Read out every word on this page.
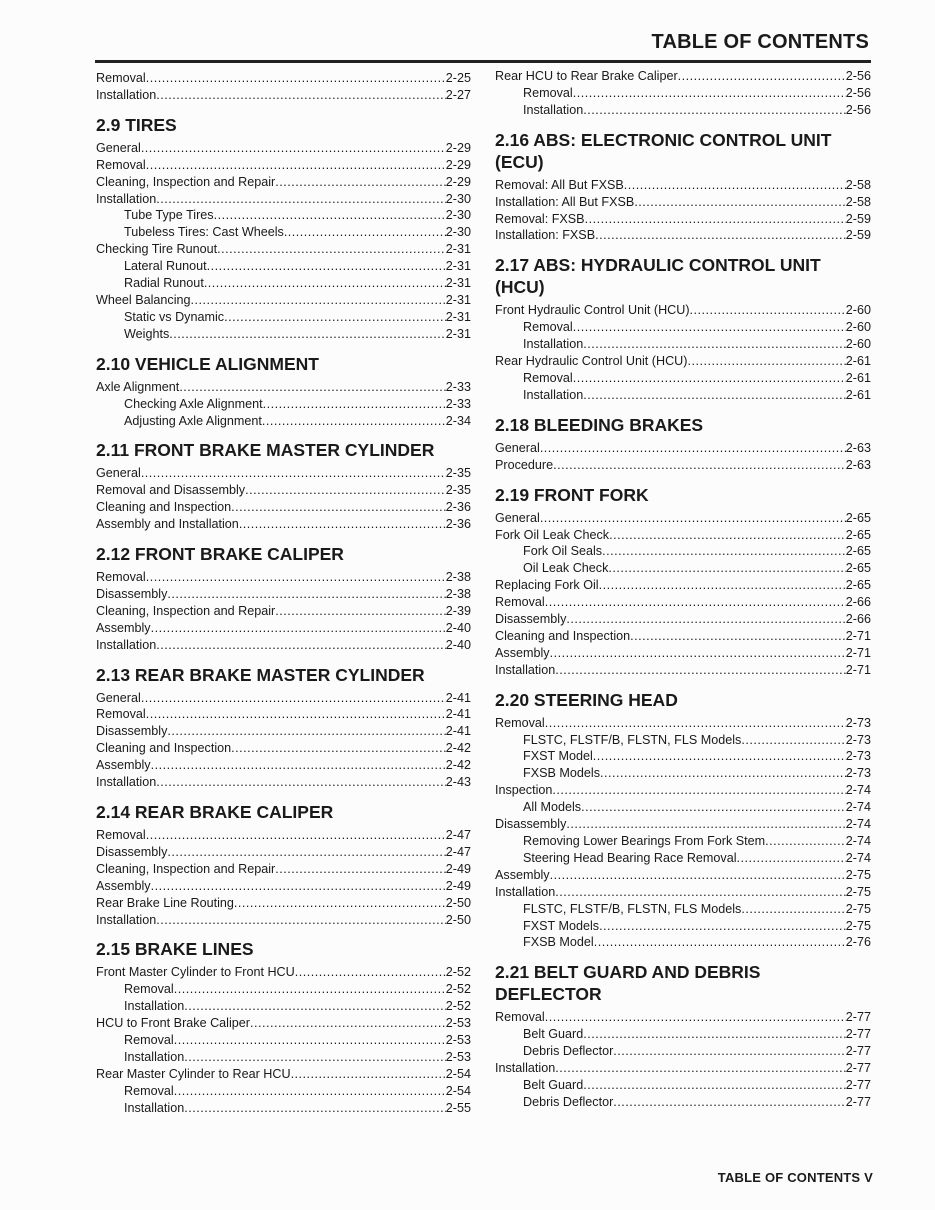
TABLE OF CONTENTS
Removal .....	2-25
Installation .....	2-27
2.9 TIRES
General .....	2-29
Removal .....	2-29
Cleaning, Inspection and Repair .....	2-29
Installation .....	2-30
Tube Type Tires .....	2-30
Tubeless Tires: Cast Wheels .....	2-30
Checking Tire Runout .....	2-31
Lateral Runout .....	2-31
Radial Runout .....	2-31
Wheel Balancing .....	2-31
Static vs Dynamic .....	2-31
Weights .....	2-31
2.10 VEHICLE ALIGNMENT
Axle Alignment .....	2-33
Checking Axle Alignment .....	2-33
Adjusting Axle Alignment .....	2-34
2.11 FRONT BRAKE MASTER CYLINDER
General .....	2-35
Removal and Disassembly .....	2-35
Cleaning and Inspection .....	2-36
Assembly and Installation .....	2-36
2.12 FRONT BRAKE CALIPER
Removal .....	2-38
Disassembly .....	2-38
Cleaning, Inspection and Repair .....	2-39
Assembly .....	2-40
Installation .....	2-40
2.13 REAR BRAKE MASTER CYLINDER
General .....	2-41
Removal .....	2-41
Disassembly .....	2-41
Cleaning and Inspection .....	2-42
Assembly .....	2-42
Installation .....	2-43
2.14 REAR BRAKE CALIPER
Removal .....	2-47
Disassembly .....	2-47
Cleaning, Inspection and Repair .....	2-49
Assembly .....	2-49
Rear Brake Line Routing .....	2-50
Installation .....	2-50
2.15 BRAKE LINES
Front Master Cylinder to Front HCU .....	2-52
Removal .....	2-52
Installation .....	2-52
HCU to Front Brake Caliper .....	2-53
Removal .....	2-53
Installation .....	2-53
Rear Master Cylinder to Rear HCU .....	2-54
Removal .....	2-54
Installation .....	2-55
Rear HCU to Rear Brake Caliper .....	2-56
Removal .....	2-56
Installation .....	2-56
2.16 ABS: ELECTRONIC CONTROL UNIT (ECU)
Removal: All But FXSB .....	2-58
Installation: All But FXSB .....	2-58
Removal: FXSB .....	2-59
Installation: FXSB .....	2-59
2.17 ABS: HYDRAULIC CONTROL UNIT (HCU)
Front Hydraulic Control Unit (HCU) .....	2-60
Removal .....	2-60
Installation .....	2-60
Rear Hydraulic Control Unit (HCU) .....	2-61
Removal .....	2-61
Installation .....	2-61
2.18 BLEEDING BRAKES
General .....	2-63
Procedure .....	2-63
2.19 FRONT FORK
General .....	2-65
Fork Oil Leak Check .....	2-65
Fork Oil Seals .....	2-65
Oil Leak Check .....	2-65
Replacing Fork Oil .....	2-65
Removal .....	2-66
Disassembly .....	2-66
Cleaning and Inspection .....	2-71
Assembly .....	2-71
Installation .....	2-71
2.20 STEERING HEAD
Removal .....	2-73
FLSTC, FLSTF/B, FLSTN, FLS Models .....	2-73
FXST Model .....	2-73
FXSB Models .....	2-73
Inspection .....	2-74
All Models .....	2-74
Disassembly .....	2-74
Removing Lower Bearings From Fork Stem .....	2-74
Steering Head Bearing Race Removal .....	2-74
Assembly .....	2-75
Installation .....	2-75
FLSTC, FLSTF/B, FLSTN, FLS Models .....	2-75
FXST Models .....	2-75
FXSB Model .....	2-76
2.21 BELT GUARD AND DEBRIS DEFLECTOR
Removal .....	2-77
Belt Guard .....	2-77
Debris Deflector .....	2-77
Installation .....	2-77
Belt Guard .....	2-77
Debris Deflector .....	2-77
TABLE OF CONTENTS V
